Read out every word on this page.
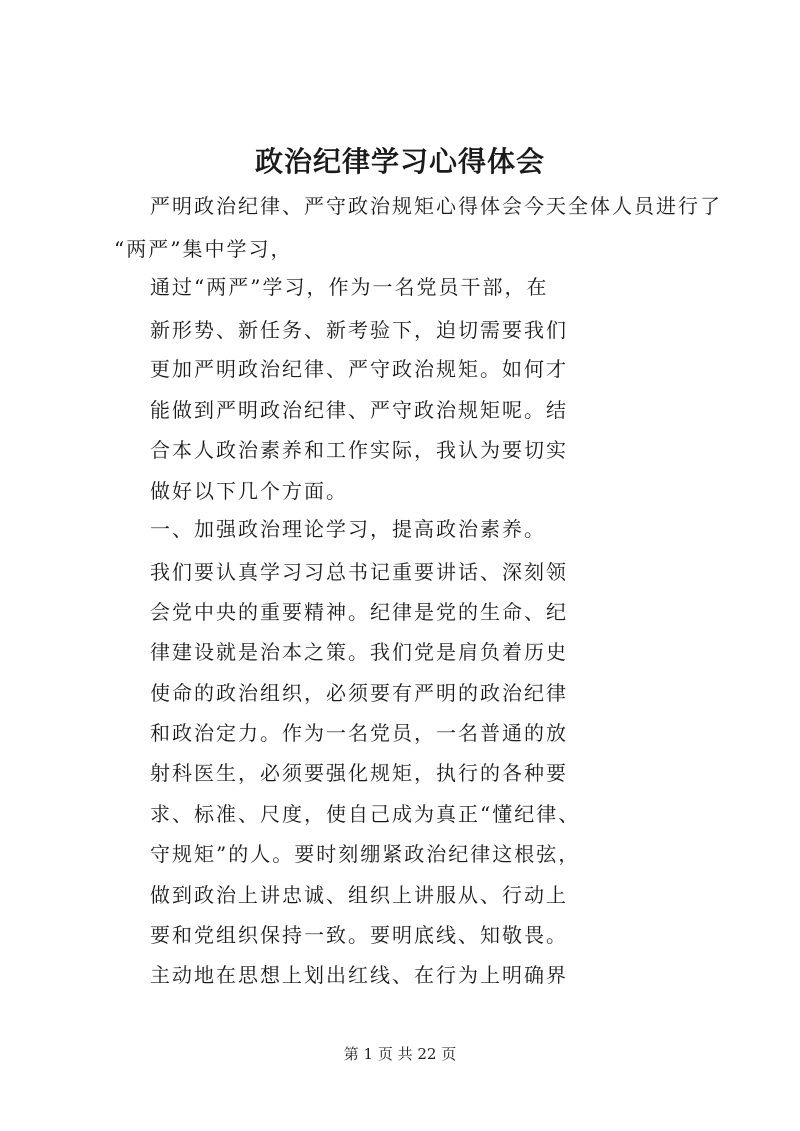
政治纪律学习心得体会
严明政治纪律、严守政治规矩心得体会今天全体人员进行了
“两严”集中学习，
通过“两严”学习，作为一名党员干部，在
新形势、新任务、新考验下，迫切需要我们
更加严明政治纪律、严守政治规矩。如何才
能做到严明政治纪律、严守政治规矩呢。结
合本人政治素养和工作实际，我认为要切实
做好以下几个方面。
一、加强政治理论学习，提高政治素养。
我们要认真学习习总书记重要讲话、深刻领
会党中央的重要精神。纪律是党的生命、纪
律建设就是治本之策。我们党是肩负着历史
使命的政治组织，必须要有严明的政治纪律
和政治定力。作为一名党员，一名普通的放
射科医生，必须要强化规矩，执行的各种要
求、标准、尺度，使自己成为真正“懂纪律、
守规矩”的人。要时刻绷紧政治纪律这根弦，
做到政治上讲忠诚、组织上讲服从、行动上
要和党组织保持一致。要明底线、知敬畏。
主动地在思想上划出红线、在行为上明确界
第 1 页 共 22 页
